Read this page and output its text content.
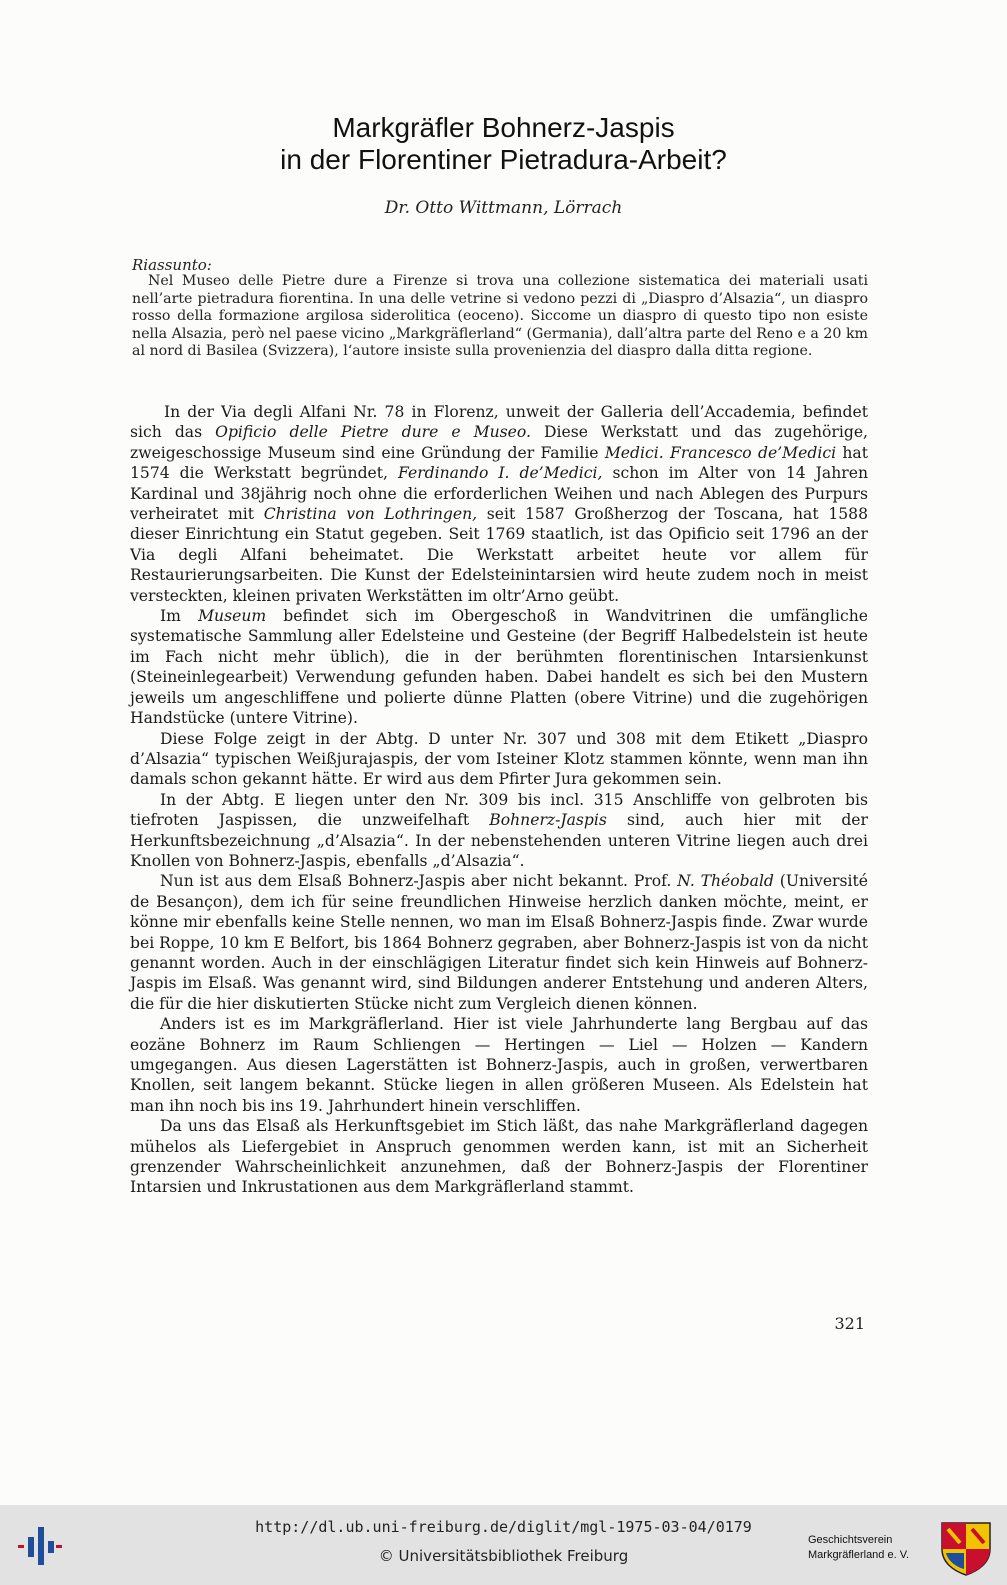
Markgräfler Bohnerz-Jaspis
in der Florentiner Pietradura-Arbeit?
Dr. Otto Wittmann, Lörrach
Riassunto:

Nel Museo delle Pietre dure a Firenze si trova una collezione sistematica dei materiali usati nell’arte pietradura fiorentina. In una delle vetrine si vedono pezzi di „Diaspro d’Alsazia“, un diaspro rosso della formazione argilosa siderolitica (eoceno). Siccome un diaspro di questo tipo non esiste nella Alsazia, però nel paese vicino „Markgräflerland“ (Germania), dall’altra parte del Reno e a 20 km al nord di Basilea (Svizzera), l‘autore insiste sulla provenienzia del diaspro dalla ditta regione.

In der Via degli Alfani Nr. 78 in Florenz, unweit der Galleria dell’Accademia, befindet sich das Opificio delle Pietre dure e Museo. Diese Werkstatt und das zugehörige, zweigeschossige Museum sind eine Gründung der Familie Medici. Francesco de’Medici hat 1574 die Werkstatt begründet, Ferdinando I. de’Medici, schon im Alter von 14 Jahren Kardinal und 38jährig noch ohne die erforderlichen Weihen und nach Ablegen des Purpurs verheiratet mit Christina von Lothringen, seit 1587 Großherzog der Toscana, hat 1588 dieser Einrichtung ein Statut gegeben. Seit 1769 staatlich, ist das Opificio seit 1796 an der Via degli Alfani beheimatet. Die Werkstatt arbeitet heute vor allem für Restaurierungsarbeiten. Die Kunst der Edelsteinintarsien wird heute zudem noch in meist versteckten, kleinen privaten Werkstätten im oltr’Arno geübt.

Im Museum befindet sich im Obergeschoß in Wandvitrinen die umfängliche systematische Sammlung aller Edelsteine und Gesteine (der Begriff Halbedelstein ist heute im Fach nicht mehr üblich), die in der berühmten florentinischen Intarsienkunst (Steineinlegearbeit) Verwendung gefunden haben. Dabei handelt es sich bei den Mustern jeweils um angeschliffene und polierte dünne Platten (obere Vitrine) und die zugehörigen Handstücke (untere Vitrine).

Diese Folge zeigt in der Abtg. D unter Nr. 307 und 308 mit dem Etikett „Diaspro d’Alsazia“ typischen Weißjurajaspis, der vom Isteiner Klotz stammen könnte, wenn man ihn damals schon gekannt hätte. Er wird aus dem Pfirter Jura gekommen sein.

In der Abtg. E liegen unter den Nr. 309 bis incl. 315 Anschliffe von gelbroten bis tiefroten Jaspissen, die unzweifelhaft Bohnerz-Jaspis sind, auch hier mit der Herkunftsbezeichnung „d’Alsazia“. In der nebenstehenden unteren Vitrine liegen auch drei Knollen von Bohnerz-Jaspis, ebenfalls „d’Alsazia“.

Nun ist aus dem Elsaß Bohnerz-Jaspis aber nicht bekannt. Prof. N. Théobald (Université de Besançon), dem ich für seine freundlichen Hinweise herzlich danken möchte, meint, er könne mir ebenfalls keine Stelle nennen, wo man im Elsaß Bohnerz-Jaspis finde. Zwar wurde bei Roppe, 10 km E Belfort, bis 1864 Bohnerz gegraben, aber Bohnerz-Jaspis ist von da nicht genannt worden. Auch in der einschlägigen Literatur findet sich kein Hinweis auf Bohnerz-Jaspis im Elsaß. Was genannt wird, sind Bildungen anderer Entstehung und anderen Alters, die für die hier diskutierten Stücke nicht zum Vergleich dienen können.

Anders ist es im Markgräflerland. Hier ist viele Jahrhunderte lang Bergbau auf das eozäne Bohnerz im Raum Schliengen — Hertingen — Liel — Holzen — Kandern umgegangen. Aus diesen Lagerstätten ist Bohnerz-Jaspis, auch in großen, verwertbaren Knollen, seit langem bekannt. Stücke liegen in allen größeren Museen. Als Edelstein hat man ihn noch bis ins 19. Jahrhundert hinein verschliffen.

Da uns das Elsaß als Herkunftsgebiet im Stich läßt, das nahe Markgräflerland dagegen mühelos als Liefergebiet in Anspruch genommen werden kann, ist mit an Sicherheit grenzender Wahrscheinlichkeit anzunehmen, daß der Bohnerz-Jaspis der Florentiner Intarsien und Inkrustationen aus dem Markgräflerland stammt.

321
http://dl.ub.uni-freiburg.de/diglit/mgl-1975-03-04/0179
© Universitätsbibliothek Freiburg
Geschichtsverein
Markgräflerland e. V.
